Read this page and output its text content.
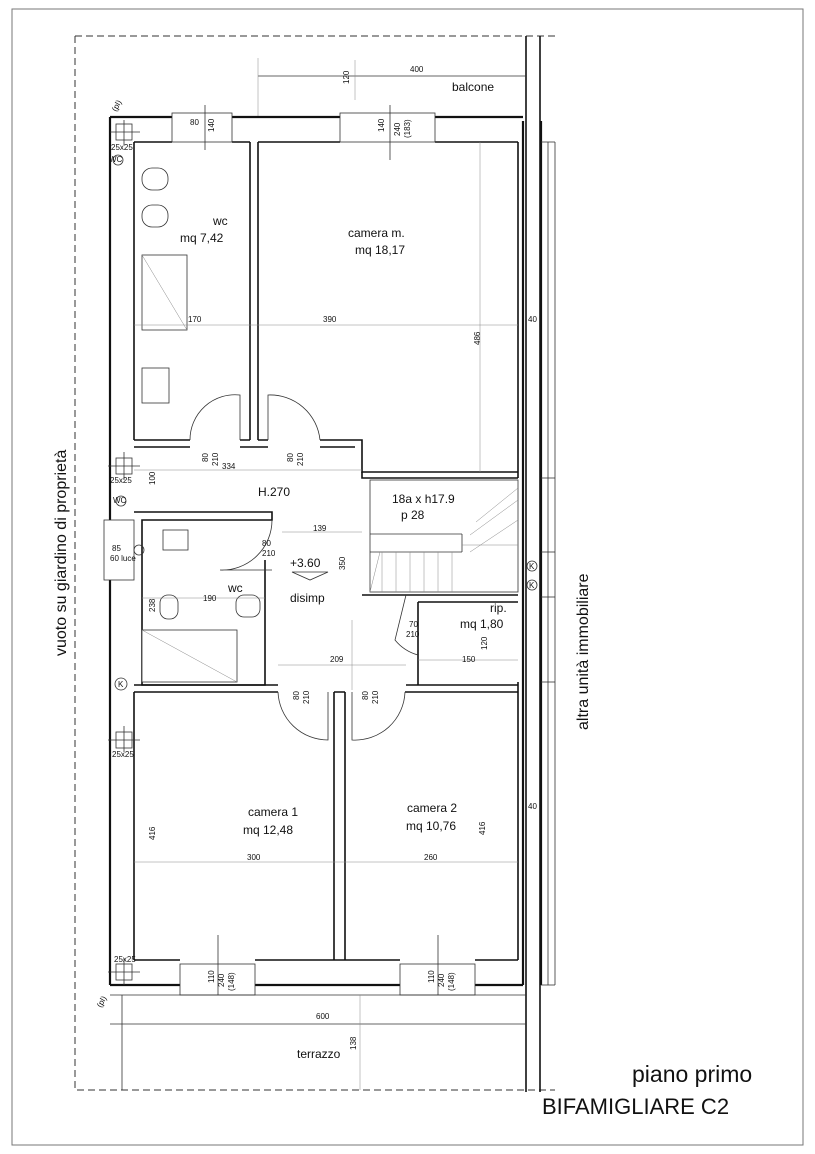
balcone
400
120
80 140	140 240 (183)
(pl)
25x25
WC
wc
mq 7,42	camera m.
mq 18,17
170	390	40
486
80 210	80 210
334
25x25 100
WC
H.270	18a x h17.9
p 28
139
85
60 luce
80
210
+3.60 350
disimp
wc
190
238	rip.
mq 1,80
70
210
120
150
209
K
K
K
80 210	80 210
25x25
40
camera 1
mq 12,48
camera 2
mq 10,76
416	416
300	260
25x25
110 240 (148)	110 240 (148)
(pl)
600
terrazzo
138
vuoto su giardino di proprietà	altra unità immobiliare
piano primo
BIFAMIGLIARE C2
